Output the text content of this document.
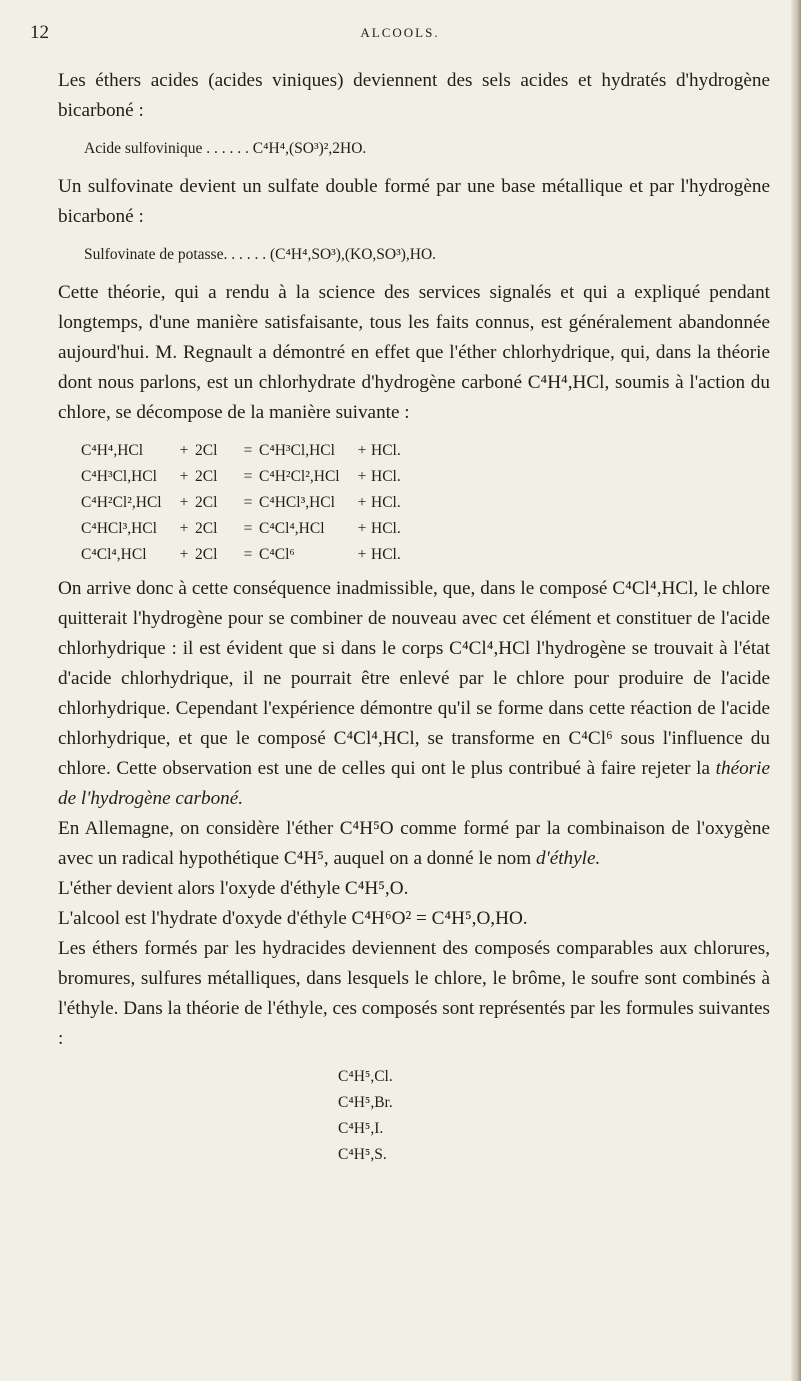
12	ALCOOLS.

Les éthers acides (acides viniques) deviennent des sels acides et hydratés d'hydrogène bicarboné :

Acide sulfovinique . . . . . . C⁴H⁴,(SO³)²,2HO.

Un sulfovinate devient un sulfate double formé par une base métallique et par l'hydrogène bicarboné :

Sulfovinate de potasse. . . . . . (C⁴H⁴,SO³),(KO,SO³),HO.

Cette théorie, qui a rendu à la science des services signalés et qui a expliqué pendant longtemps, d'une manière satisfaisante, tous les faits connus, est généralement abandonnée aujourd'hui. M. Regnault a démontré en effet que l'éther chlorhydrique, qui, dans la théorie dont nous parlons, est un chlorhydrate d'hydrogène carboné C⁴H⁴,HCl, soumis à l'action du chlore, se décompose de la manière suivante :

C⁴H⁴,HCl	+ 2Cl	= C⁴H³Cl,HCl	+ HCl.
C⁴H³Cl,HCl	+ 2Cl	= C⁴H²Cl²,HCl	+ HCl.
C⁴H²Cl²,HCl	+ 2Cl	= C⁴HCl³,HCl	+ HCl.
C⁴HCl³,HCl	+ 2Cl	= C⁴Cl⁴,HCl	+ HCl.
C⁴Cl⁴,HCl	+ 2Cl	= C⁴Cl⁶	+ HCl.

On arrive donc à cette conséquence inadmissible, que, dans le composé C⁴Cl⁴,HCl, le chlore quitterait l'hydrogène pour se combiner de nouveau avec cet élément et constituer de l'acide chlorhydrique : il est évident que si dans le corps C⁴Cl⁴,HCl l'hydrogène se trouvait à l'état d'acide chlorhydrique, il ne pourrait être enlevé par le chlore pour produire de l'acide chlorhydrique. Cependant l'expérience démontre qu'il se forme dans cette réaction de l'acide chlorhydrique, et que le composé C⁴Cl⁴,HCl, se transforme en C⁴Cl⁶ sous l'influence du chlore. Cette observation est une de celles qui ont le plus contribué à faire rejeter la théorie de l'hydrogène carboné.

En Allemagne, on considère l'éther C⁴H⁵O comme formé par la combinaison de l'oxygène avec un radical hypothétique C⁴H⁵, auquel on a donné le nom d'éthyle.

L'éther devient alors l'oxyde d'éthyle C⁴H⁵,O.

L'alcool est l'hydrate d'oxyde d'éthyle C⁴H⁶O² = C⁴H⁵,O,HO.

Les éthers formés par les hydracides deviennent des composés comparables aux chlorures, bromures, sulfures métalliques, dans lesquels le chlore, le brôme, le soufre sont combinés à l'éthyle. Dans la théorie de l'éthyle, ces composés sont représentés par les formules suivantes :

C⁴H⁵,Cl.
C⁴H⁵,Br.
C⁴H⁵,I.
C⁴H⁵,S.
